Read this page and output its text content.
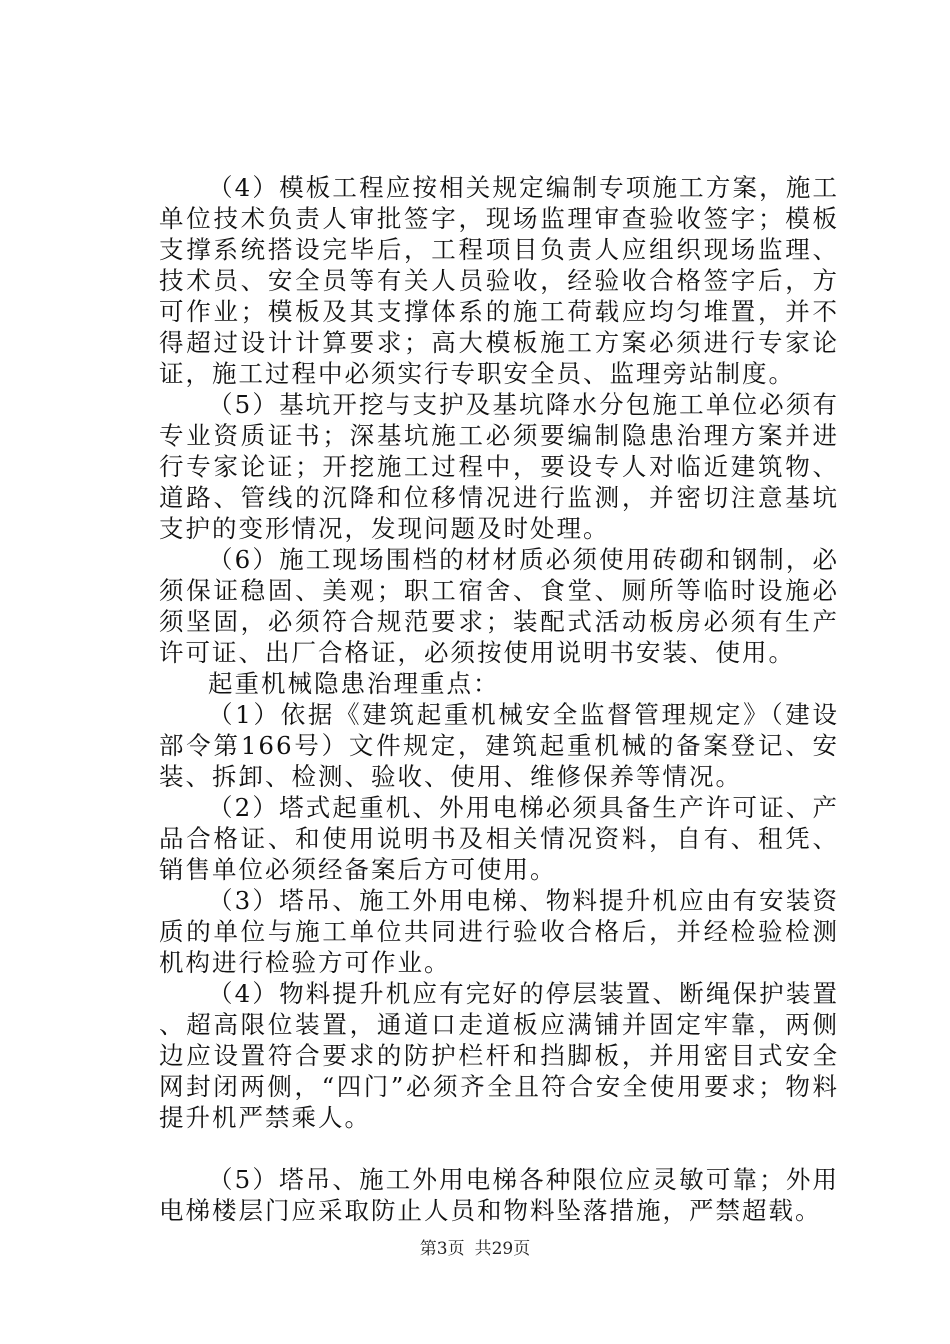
（4）模板工程应按相关规定编制专项施工方案，施工单位技术负责人审批签字，现场监理审查验收签字；模板支撑系统搭设完毕后，工程项目负责人应组织现场监理、技术员、安全员等有关人员验收，经验收合格签字后，方可作业；模板及其支撑体系的施工荷载应均匀堆置，并不得超过设计计算要求；高大模板施工方案必须进行专家论证，施工过程中必须实行专职安全员、监理旁站制度。

（5）基坑开挖与支护及基坑降水分包施工单位必须有专业资质证书；深基坑施工必须要编制隐患治理方案并进行专家论证；开挖施工过程中，要设专人对临近建筑物、道路、管线的沉降和位移情况进行监测，并密切注意基坑支护的变形情况，发现问题及时处理。

（6）施工现场围档的材材质必须使用砖砌和钢制，必须保证稳固、美观；职工宿舍、食堂、厕所等临时设施必须坚固，必须符合规范要求；装配式活动板房必须有生产许可证、出厂合格证，必须按使用说明书安装、使用。

起重机械隐患治理重点：

（1）依据《建筑起重机械安全监督管理规定》（建设部令第166号）文件规定，建筑起重机械的备案登记、安装、拆卸、检测、验收、使用、维修保养等情况。

（2）塔式起重机、外用电梯必须具备生产许可证、产品合格证、和使用说明书及相关情况资料，自有、租凭、销售单位必须经备案后方可使用。

（3）塔吊、施工外用电梯、物料提升机应由有安装资质的单位与施工单位共同进行验收合格后，并经检验检测机构进行检验方可作业。

（4）物料提升机应有完好的停层装置、断绳保护装置、超高限位装置，通道口走道板应满铺并固定牢靠，两侧边应设置符合要求的防护栏杆和挡脚板，并用密目式安全网封闭两侧，“四门”必须齐全且符合安全使用要求；物料提升机严禁乘人。

（5）塔吊、施工外用电梯各种限位应灵敏可靠；外用电梯楼层门应采取防止人员和物料坠落措施，严禁超载。

第3页 共29页
